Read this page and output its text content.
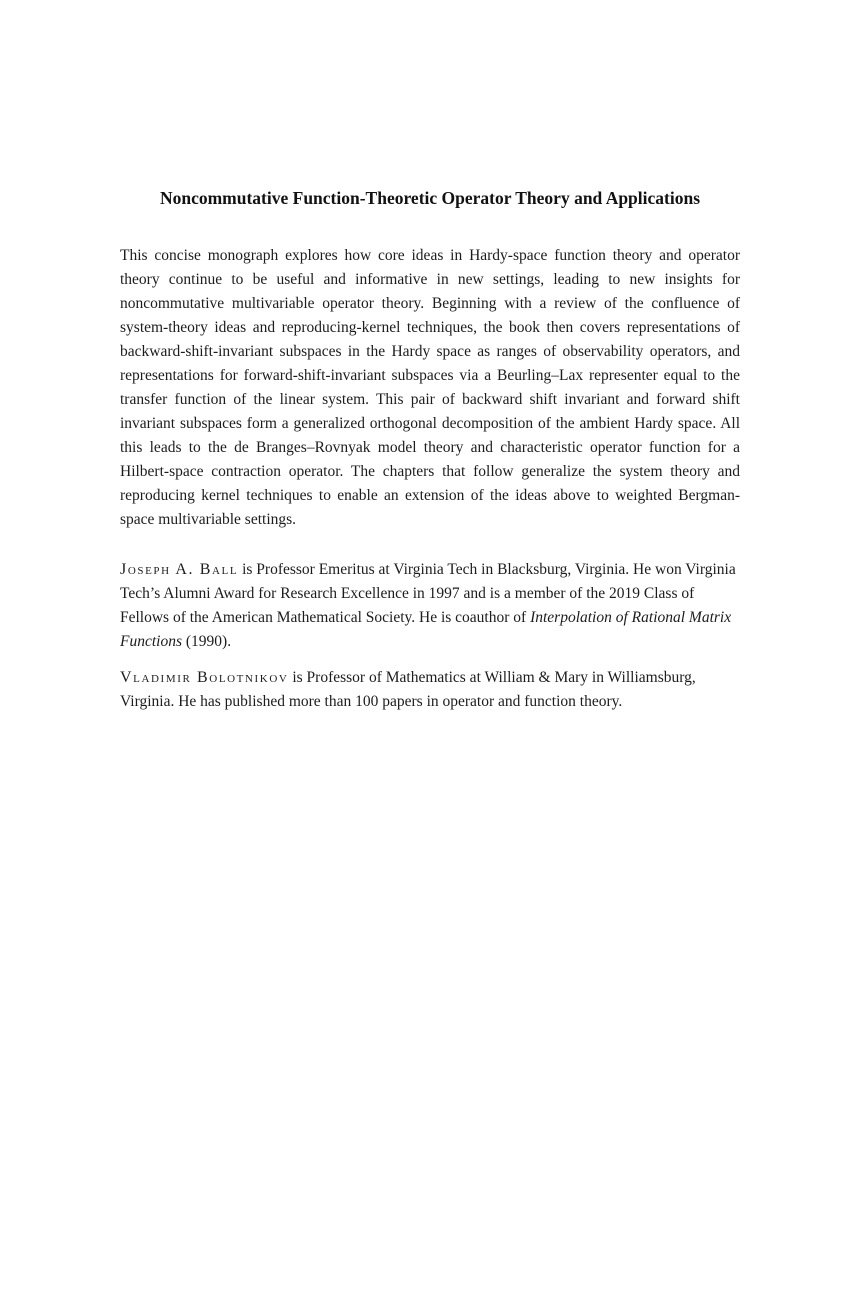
Noncommutative Function-Theoretic Operator Theory and Applications

This concise monograph explores how core ideas in Hardy-space function theory and operator theory continue to be useful and informative in new settings, leading to new insights for noncommutative multivariable operator theory. Beginning with a review of the confluence of system-theory ideas and reproducing-kernel techniques, the book then covers representations of backward-shift-invariant subspaces in the Hardy space as ranges of observability operators, and representations for forward-shift-invariant subspaces via a Beurling–Lax representer equal to the transfer function of the linear system. This pair of backward shift invariant and forward shift invariant subspaces form a generalized orthogonal decomposition of the ambient Hardy space. All this leads to the de Branges–Rovnyak model theory and characteristic operator function for a Hilbert-space contraction operator. The chapters that follow generalize the system theory and reproducing kernel techniques to enable an extension of the ideas above to weighted Bergman-space multivariable settings.

Joseph A. Ball is Professor Emeritus at Virginia Tech in Blacksburg, Virginia. He won Virginia Tech’s Alumni Award for Research Excellence in 1997 and is a member of the 2019 Class of Fellows of the American Mathematical Society. He is coauthor of Interpolation of Rational Matrix Functions (1990).

Vladimir Bolotnikov is Professor of Mathematics at William & Mary in Williamsburg, Virginia. He has published more than 100 papers in operator and function theory.
